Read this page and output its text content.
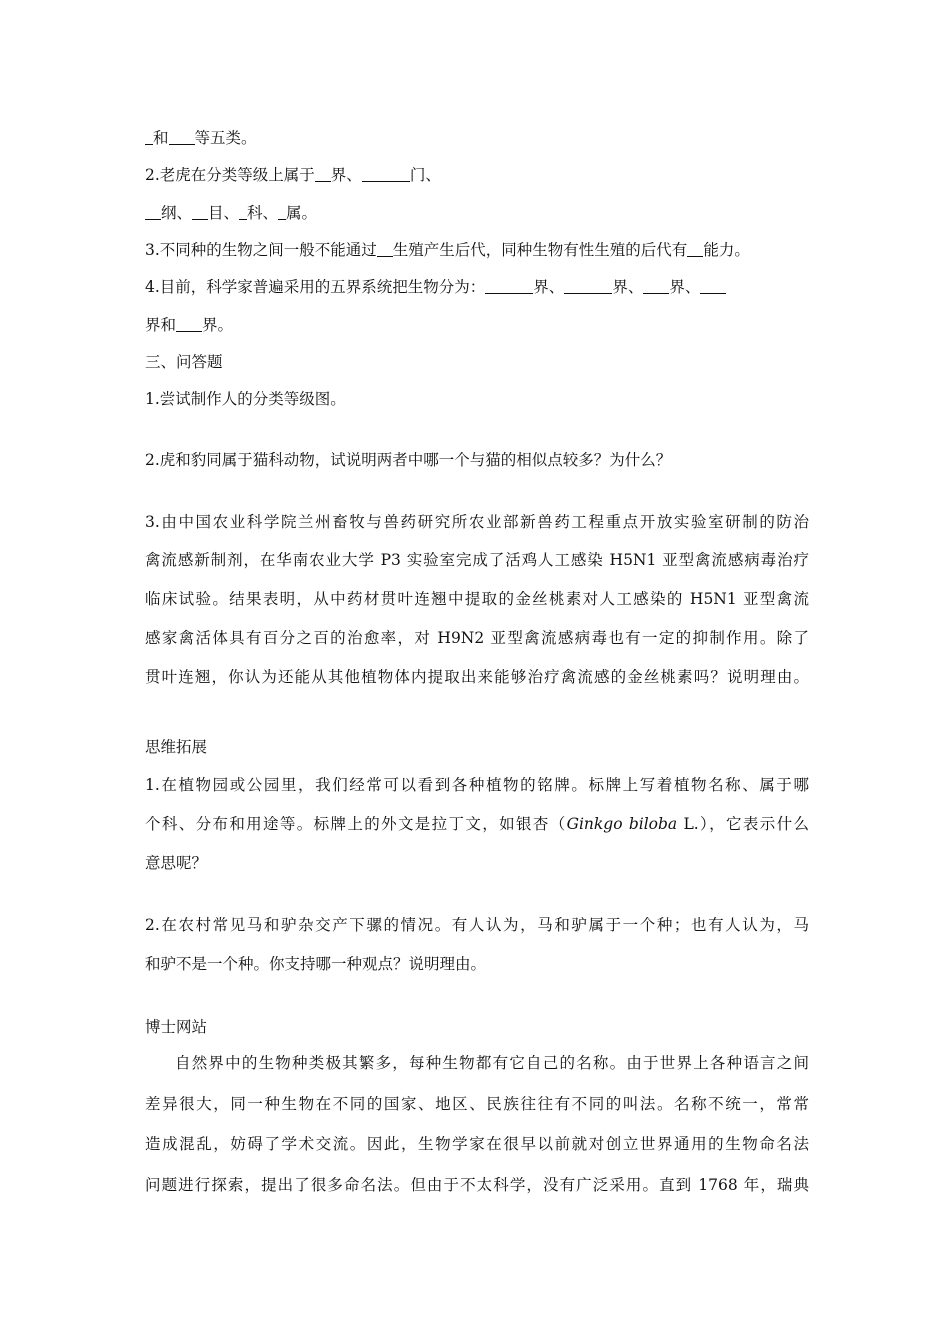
和 等五类。
2.老虎在分类等级上属于 界、	门、
纲、 目、 科、 属。
3.不同种的生物之间一般不能通过 生殖产生后代，同种生物有性生殖的后代有 能力。
4.目前，科学家普遍采用的五界系统把生物分为：	界、	界、 界、
界和 界。
三、问答题
1.尝试制作人的分类等级图。
2.虎和豹同属于猫科动物，试说明两者中哪一个与猫的相似点较多？为什么？
3.由中国农业科学院兰州畜牧与兽药研究所农业部新兽药工程重点开放实验室研制的防治
禽流感新制剂，在华南农业大学 P3 实验室完成了活鸡人工感染 H5N1 亚型禽流感病毒治疗
临床试验。结果表明，从中药材贯叶连翘中提取的金丝桃素对人工感染的 H5N1 亚型禽流
感家禽活体具有百分之百的治愈率，对 H9N2 亚型禽流感病毒也有一定的抑制作用。除了
贯叶连翘，你认为还能从其他植物体内提取出来能够治疗禽流感的金丝桃素吗？说明理由。
思维拓展
1.在植物园或公园里，我们经常可以看到各种植物的铭牌。标牌上写着植物名称、属于哪
个科、分布和用途等。标牌上的外文是拉丁文，如银杏（Ginkgo biloba L.），它表示什么
意思呢？
2.在农村常见马和驴杂交产下骡的情况。有人认为，马和驴属于一个种；也有人认为，马
和驴不是一个种。你支持哪一种观点？说明理由。
博士网站
自然界中的生物种类极其繁多，每种生物都有它自己的名称。由于世界上各种语言之间
差异很大，同一种生物在不同的国家、地区、民族往往有不同的叫法。名称不统一，常常
造成混乱，妨碍了学术交流。因此，生物学家在很早以前就对创立世界通用的生物命名法
问题进行探索，提出了很多命名法。但由于不太科学，没有广泛采用。直到 1768 年，瑞典
